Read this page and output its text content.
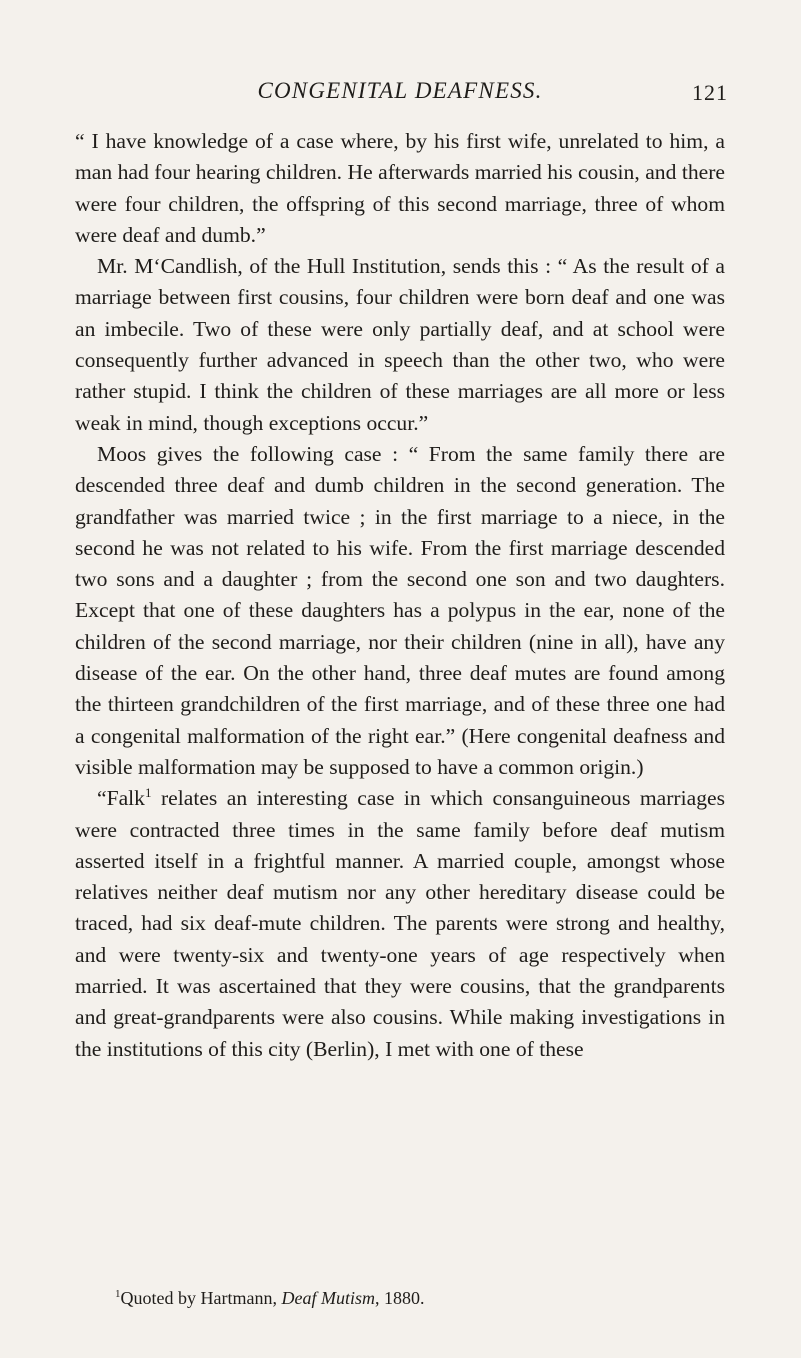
CONGENITAL DEAFNESS.	121

“ I have knowledge of a case where, by his first wife, unrelated to him, a man had four hearing children. He afterwards married his cousin, and there were four children, the offspring of this second marriage, three of whom were deaf and dumb.”

Mr. M‘Candlish, of the Hull Institution, sends this : “ As the result of a marriage between first cousins, four children were born deaf and one was an imbecile. Two of these were only partially deaf, and at school were consequently further advanced in speech than the other two, who were rather stupid. I think the children of these marriages are all more or less weak in mind, though exceptions occur.”

Moos gives the following case : “ From the same family there are descended three deaf and dumb children in the second generation. The grandfather was married twice ; in the first marriage to a niece, in the second he was not related to his wife. From the first marriage descended two sons and a daughter ; from the second one son and two daughters. Except that one of these daughters has a polypus in the ear, none of the children of the second marriage, nor their children (nine in all), have any disease of the ear. On the other hand, three deaf mutes are found among the thirteen grandchildren of the first marriage, and of these three one had a congenital malformation of the right ear.” (Here congenital deafness and visible malformation may be supposed to have a common origin.)

“Falk$^1$ relates an interesting case in which consanguineous marriages were contracted three times in the same family before deaf mutism asserted itself in a frightful manner. A married couple, amongst whose relatives neither deaf mutism nor any other hereditary disease could be traced, had six deaf-mute children. The parents were strong and healthy, and were twenty-six and twenty-one years of age respectively when married. It was ascertained that they were cousins, that the grandparents and great-grandparents were also cousins. While making investigations in the institutions of this city (Berlin), I met with one of these

$^1$Quoted by Hartmann, Deaf Mutism, 1880.
